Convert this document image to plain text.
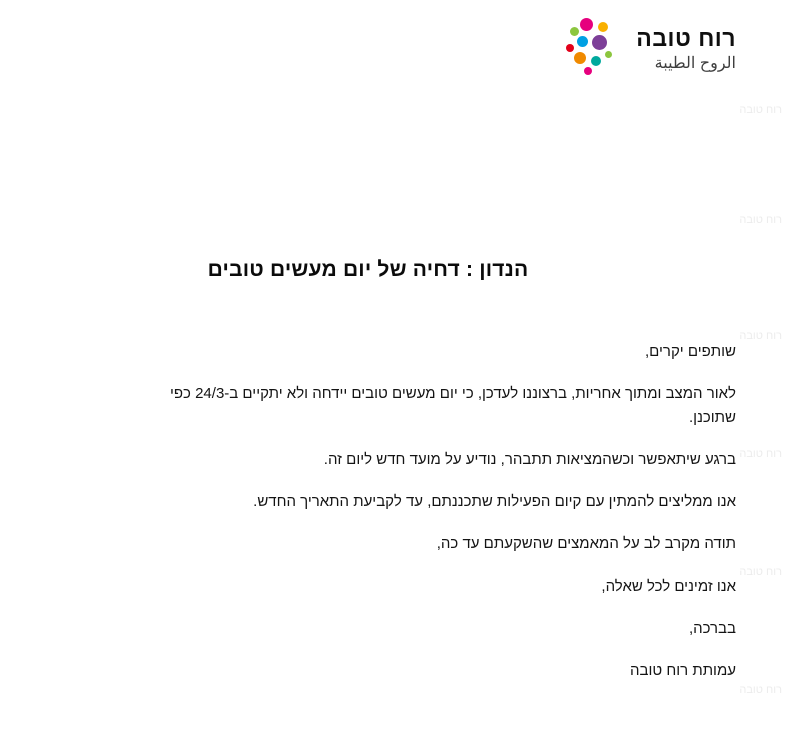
רוח טובה
الروح الطيبة
הנדון : דחיה של יום מעשים טובים

שותפים יקרים,

לאור המצב ומתוך אחריות, ברצוננו לעדכן, כי יום מעשים טובים יידחה ולא יתקיים ב-24/3 כפי שתוכנן.

ברגע שיתאפשר וכשהמציאות תתבהר, נודיע על מועד חדש ליום זה.

אנו ממליצים להמתין עם קיום הפעילות שתכננתם, עד לקביעת התאריך החדש.

תודה מקרב לב על המאמצים שהשקעתם עד כה,

אנו זמינים לכל שאלה,

בברכה,

עמותת רוח טובה

רוח טובה
רוח טובה
רוח טובה
רוח טובה
רוח טובה
רוח טובה
